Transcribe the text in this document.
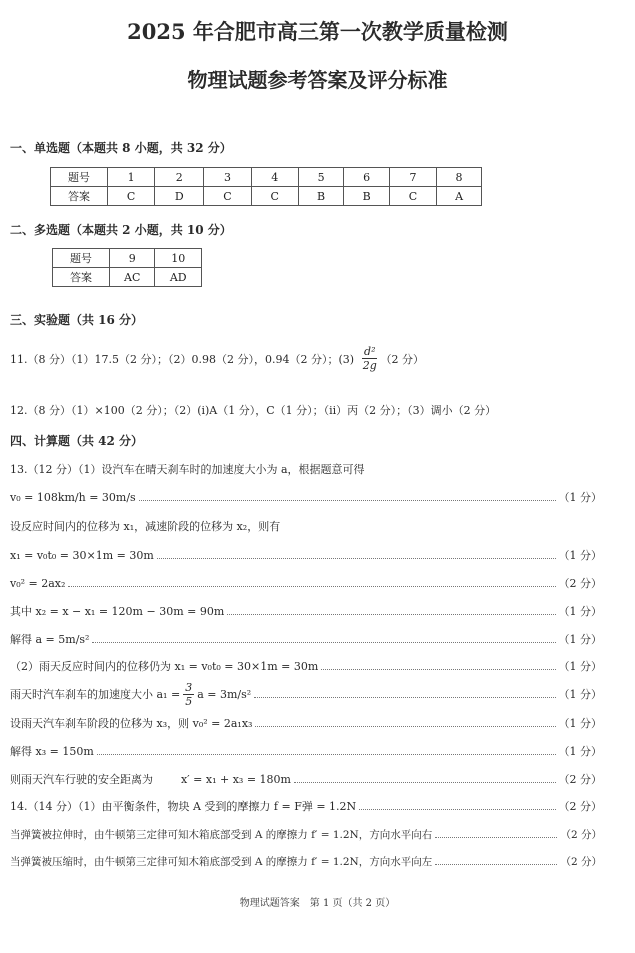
2025 年合肥市高三第一次教学质量检测
物理试题参考答案及评分标准
一、单选题（本题共 8 小题，共 32 分）
题号	1	2	3	4	5	6	7	8
答案	C	D	C	C	B	B	C	A
二、多选题（本题共 2 小题，共 10 分）
题号	9	10
答案	AC	AD
三、实验题（共 16 分）
11.（8 分）（1）17.5（2 分）；（2）0.98（2 分），0.94（2 分）；$(3) \frac{\text{d²}}{2g} (2$ 分）
12.（8 分）（1）×100（2 分）；（2）(ⅰ)A（1 分），C（1 分）；（ⅱ）丙（2 分）；（3）调小（2 分）
四、计算题（共 42 分）
13.（12 分）（1）设汽车在晴天刹车时的加速度大小为 a，根据题意可得
v₀ = 108km/h = 30m/s	（1 分）
设反应时间内的位移为 x₁，减速阶段的位移为 x₂，则有
x₁ = v₀t₀ = 30×1m = 30m	（1 分）
v₀² = 2ax₂	（2 分）
其中 x₂ = x − x₁ = 120m − 30m = 90m	（1 分）
解得 a = 5m/s²	（1 分）
（2）雨天反应时间内的位移仍为 x₁ = v₀t₀ = 30×1m = 30m	（1 分）
雨天时汽车刹车的加速度大小 $a_1 = \frac{3}{5}$ a = 3m/s²	（1 分）
设雨天汽车刹车阶段的位移为 x₃，则 v₀² = 2a₁x₃	（1 分）
解得 x₃ = 150m	（1 分）
则雨天汽车行驶的安全距离为        x′ = x₁ + x₃ = 180m	（2 分）
14.（14 分）（1）由平衡条件，物块 A 受到的摩擦力 f = F弹 = 1.2N	（2 分）
当弹簧被拉伸时，由牛顿第三定律可知木箱底部受到 A 的摩擦力 f′ = 1.2N，方向水平向右	（2 分）
当弹簧被压缩时，由牛顿第三定律可知木箱底部受到 A 的摩擦力 f′ = 1.2N，方向水平向左	（2 分）
物理试题答案　第 1 页（共 2 页）
